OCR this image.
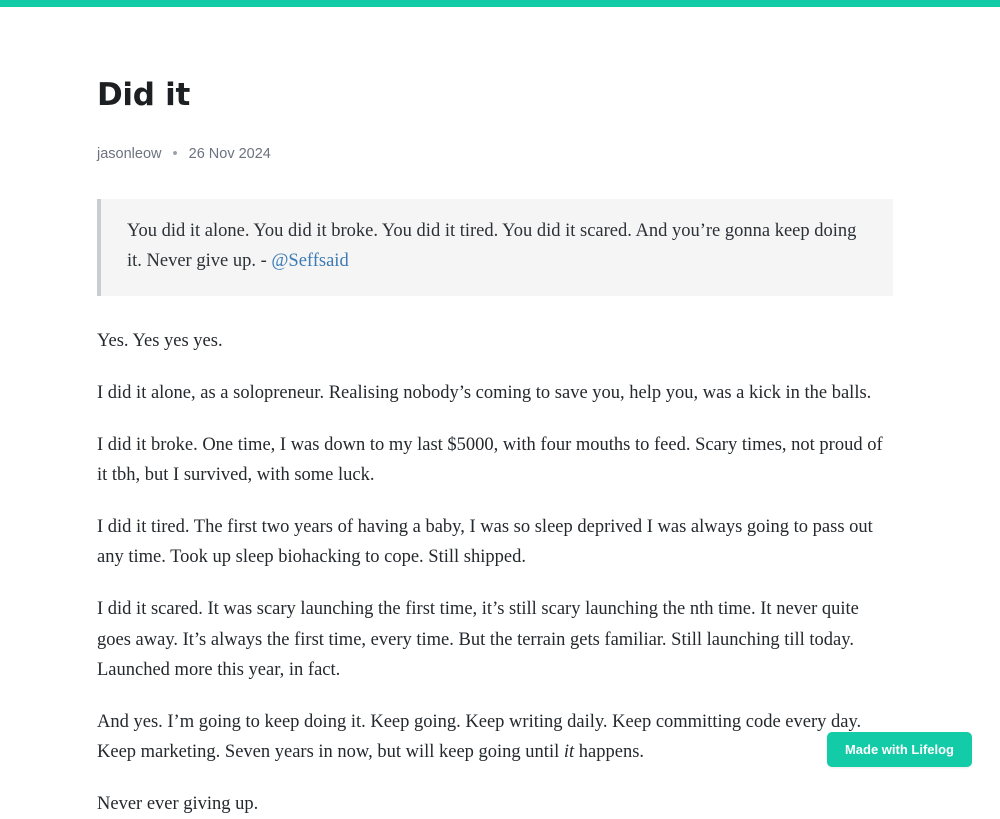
Did it
jasonleow • 26 Nov 2024

You did it alone. You did it broke. You did it tired. You did it scared. And you’re gonna keep doing it. Never give up. - @Seffsaid

Yes. Yes yes yes.

I did it alone, as a solopreneur. Realising nobody’s coming to save you, help you, was a kick in the balls.

I did it broke. One time, I was down to my last $5000, with four mouths to feed. Scary times, not proud of it tbh, but I survived, with some luck.

I did it tired. The first two years of having a baby, I was so sleep deprived I was always going to pass out any time. Took up sleep biohacking to cope. Still shipped.

I did it scared. It was scary launching the first time, it’s still scary launching the nth time. It never quite goes away. It’s always the first time, every time. But the terrain gets familiar. Still launching till today. Launched more this year, in fact.

And yes. I’m going to keep doing it. Keep going. Keep writing daily. Keep committing code every day. Keep marketing. Seven years in now, but will keep going until it happens.

Never ever giving up.

Made with Lifelog
